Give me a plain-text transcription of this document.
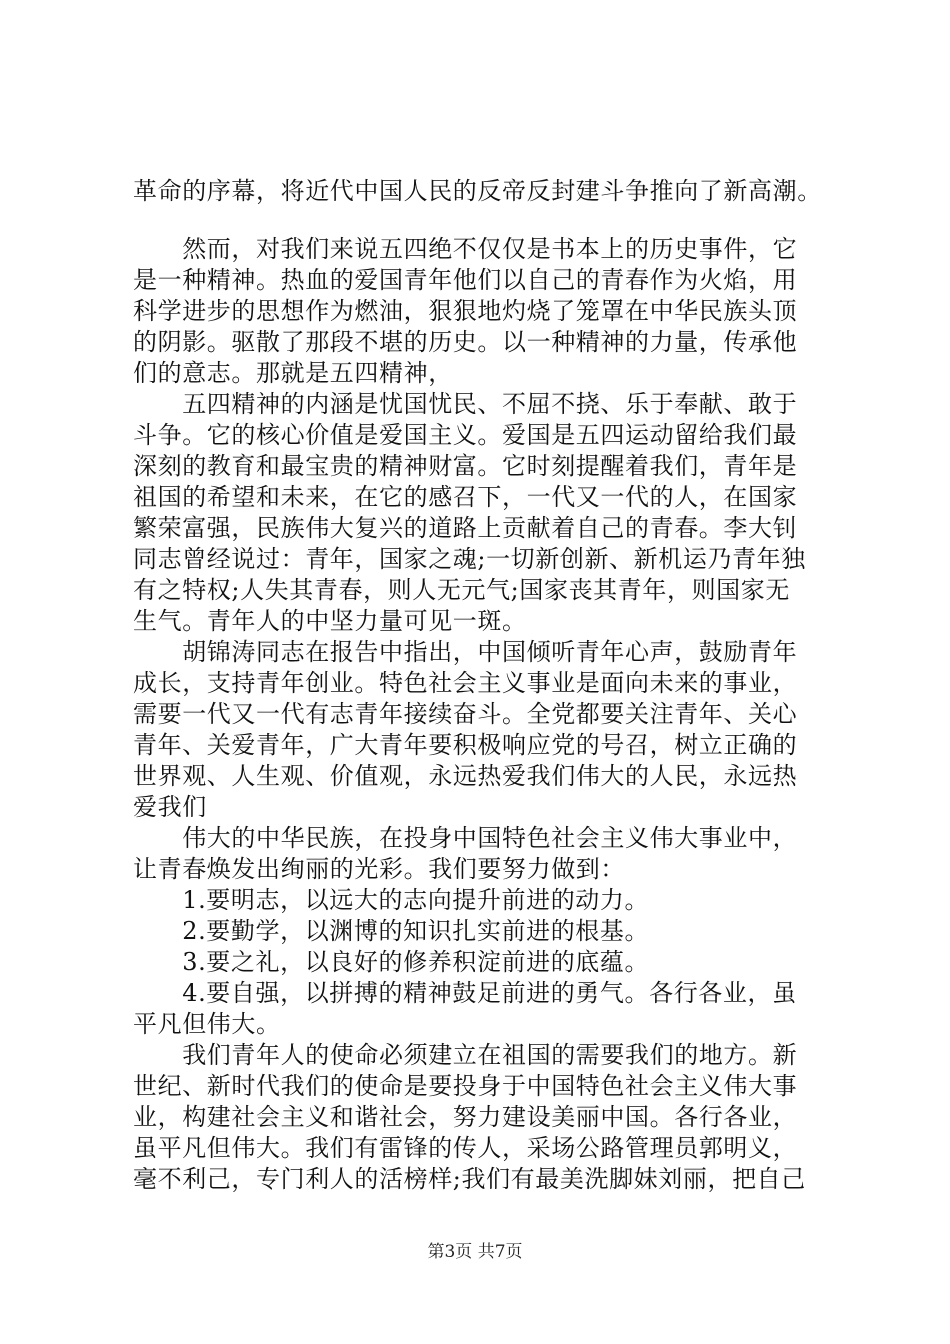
革命的序幕，将近代中国人民的反帝反封建斗争推向了新高潮。
　　然而，对我们来说五四绝不仅仅是书本上的历史事件，它
是一种精神。热血的爱国青年他们以自己的青春作为火焰，用
科学进步的思想作为燃油，狠狠地灼烧了笼罩在中华民族头顶
的阴影。驱散了那段不堪的历史。以一种精神的力量，传承他
们的意志。那就是五四精神，
　　五四精神的内涵是忧国忧民、不屈不挠、乐于奉献、敢于
斗争。它的核心价值是爱国主义。爱国是五四运动留给我们最
深刻的教育和最宝贵的精神财富。它时刻提醒着我们，青年是
祖国的希望和未来，在它的感召下，一代又一代的人，在国家
繁荣富强，民族伟大复兴的道路上贡献着自己的青春。李大钊
同志曾经说过：青年，国家之魂;一切新创新、新机运乃青年独
有之特权;人失其青春，则人无元气;国家丧其青年，则国家无
生气。青年人的中坚力量可见一斑。
　　胡锦涛同志在报告中指出，中国倾听青年心声，鼓励青年
成长，支持青年创业。特色社会主义事业是面向未来的事业，
需要一代又一代有志青年接续奋斗。全党都要关注青年、关心
青年、关爱青年，广大青年要积极响应党的号召，树立正确的
世界观、人生观、价值观，永远热爱我们伟大的人民，永远热
爱我们
　　伟大的中华民族，在投身中国特色社会主义伟大事业中，
让青春焕发出绚丽的光彩。我们要努力做到：
　　1.要明志，以远大的志向提升前进的动力。
　　2.要勤学，以渊博的知识扎实前进的根基。
　　3.要之礼，以良好的修养积淀前进的底蕴。
　　4.要自强，以拼搏的精神鼓足前进的勇气。各行各业，虽
平凡但伟大。
　　我们青年人的使命必须建立在祖国的需要我们的地方。新
世纪、新时代我们的使命是要投身于中国特色社会主义伟大事
业，构建社会主义和谐社会，努力建设美丽中国。各行各业，
虽平凡但伟大。我们有雷锋的传人，采场公路管理员郭明义，
毫不利己，专门利人的活榜样;我们有最美洗脚妹刘丽，把自己
第3页 共7页
